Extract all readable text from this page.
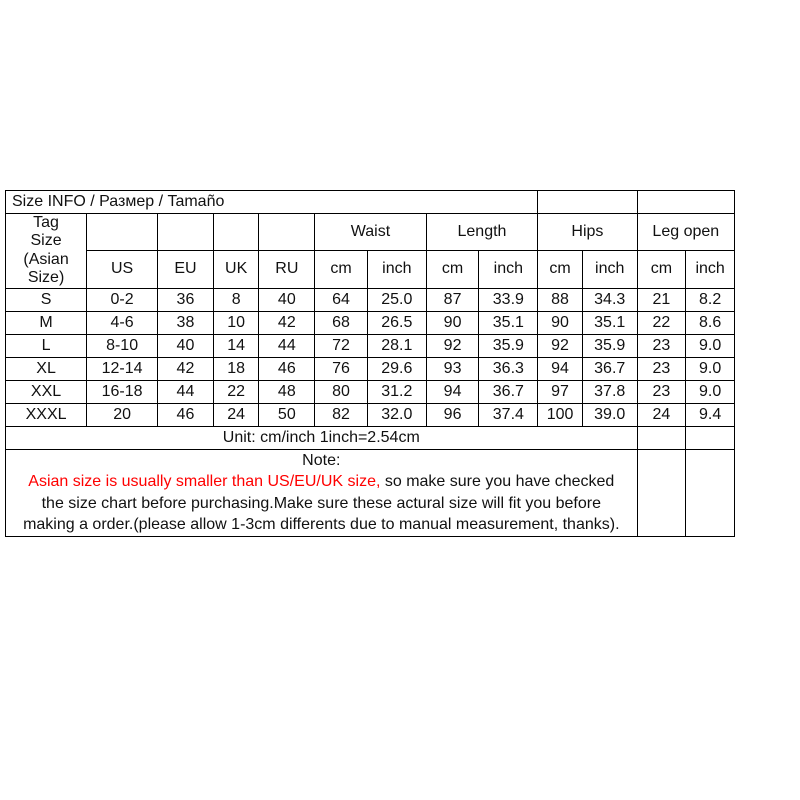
Size INFO / Размер / Tamaño												

Tag
Size
(Asian
Size)					Waist		Length		Hips		Leg open	
	US	EU	UK	RU	cm	inch	cm	inch	cm	inch	cm	inch
S	0-2	36	8	40	64	25.0	87	33.9	88	34.3	21	8.2
M	4-6	38	10	42	68	26.5	90	35.1	90	35.1	22	8.6
L	8-10	40	14	44	72	28.1	92	35.9	92	35.9	23	9.0
XL	12-14	42	18	46	76	29.6	93	36.3	94	36.7	23	9.0
XXL	16-18	44	22	48	80	31.2	94	36.7	97	37.8	23	9.0
XXXL	20	46	24	50	82	32.0	96	37.4	100	39.0	24	9.4
Unit: cm/inch 1inch=2.54cm												

Note:
Asian size is usually smaller than US/EU/UK size, so make sure you have checked
the size chart before purchasing.Make sure these actural size will fit you before
making a order.(please allow 1-3cm differents due to manual measurement, thanks).												
